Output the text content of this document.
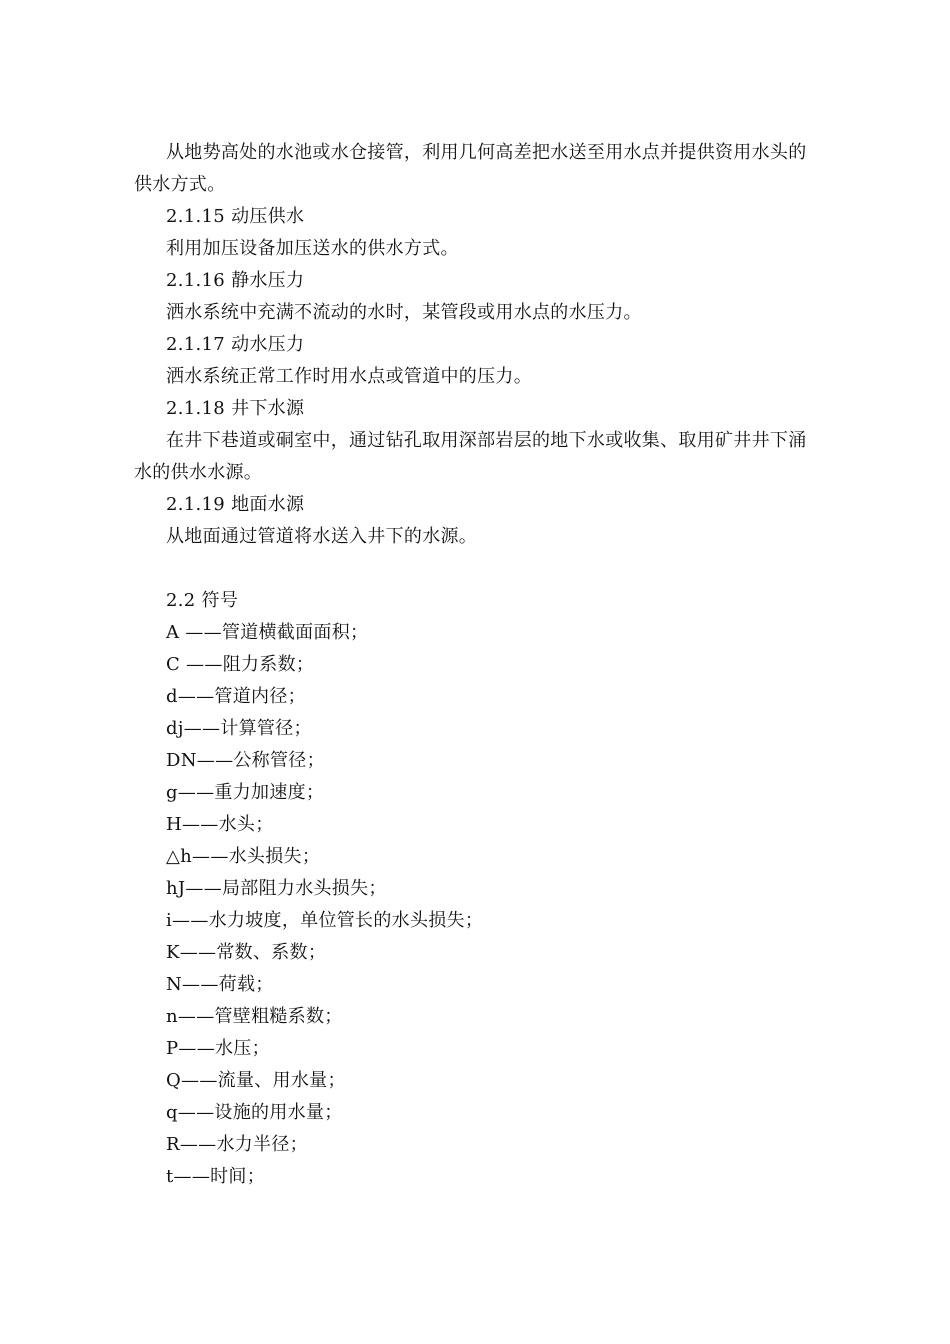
从地势高处的水池或水仓接管，利用几何高差把水送至用水点并提供资用水头的供水方式。

2.1.15 动压供水

利用加压设备加压送水的供水方式。

2.1.16 静水压力

洒水系统中充满不流动的水时，某管段或用水点的水压力。

2.1.17 动水压力

洒水系统正常工作时用水点或管道中的压力。

2.1.18 井下水源

在井下巷道或硐室中，通过钻孔取用深部岩层的地下水或收集、取用矿井井下涌水的供水水源。

2.1.19 地面水源

从地面通过管道将水送入井下的水源。

2.2 符号

A ——管道横截面面积；

C ——阻力系数；

d——管道内径；

dj——计算管径；

DN——公称管径；

g——重力加速度；

H——水头；

△h——水头损失；

hJ——局部阻力水头损失；

i——水力坡度，单位管长的水头损失；

K——常数、系数；

N——荷载；

n——管壁粗糙系数；

P——水压；

Q——流量、用水量；

q——设施的用水量；

R——水力半径；

t——时间；
